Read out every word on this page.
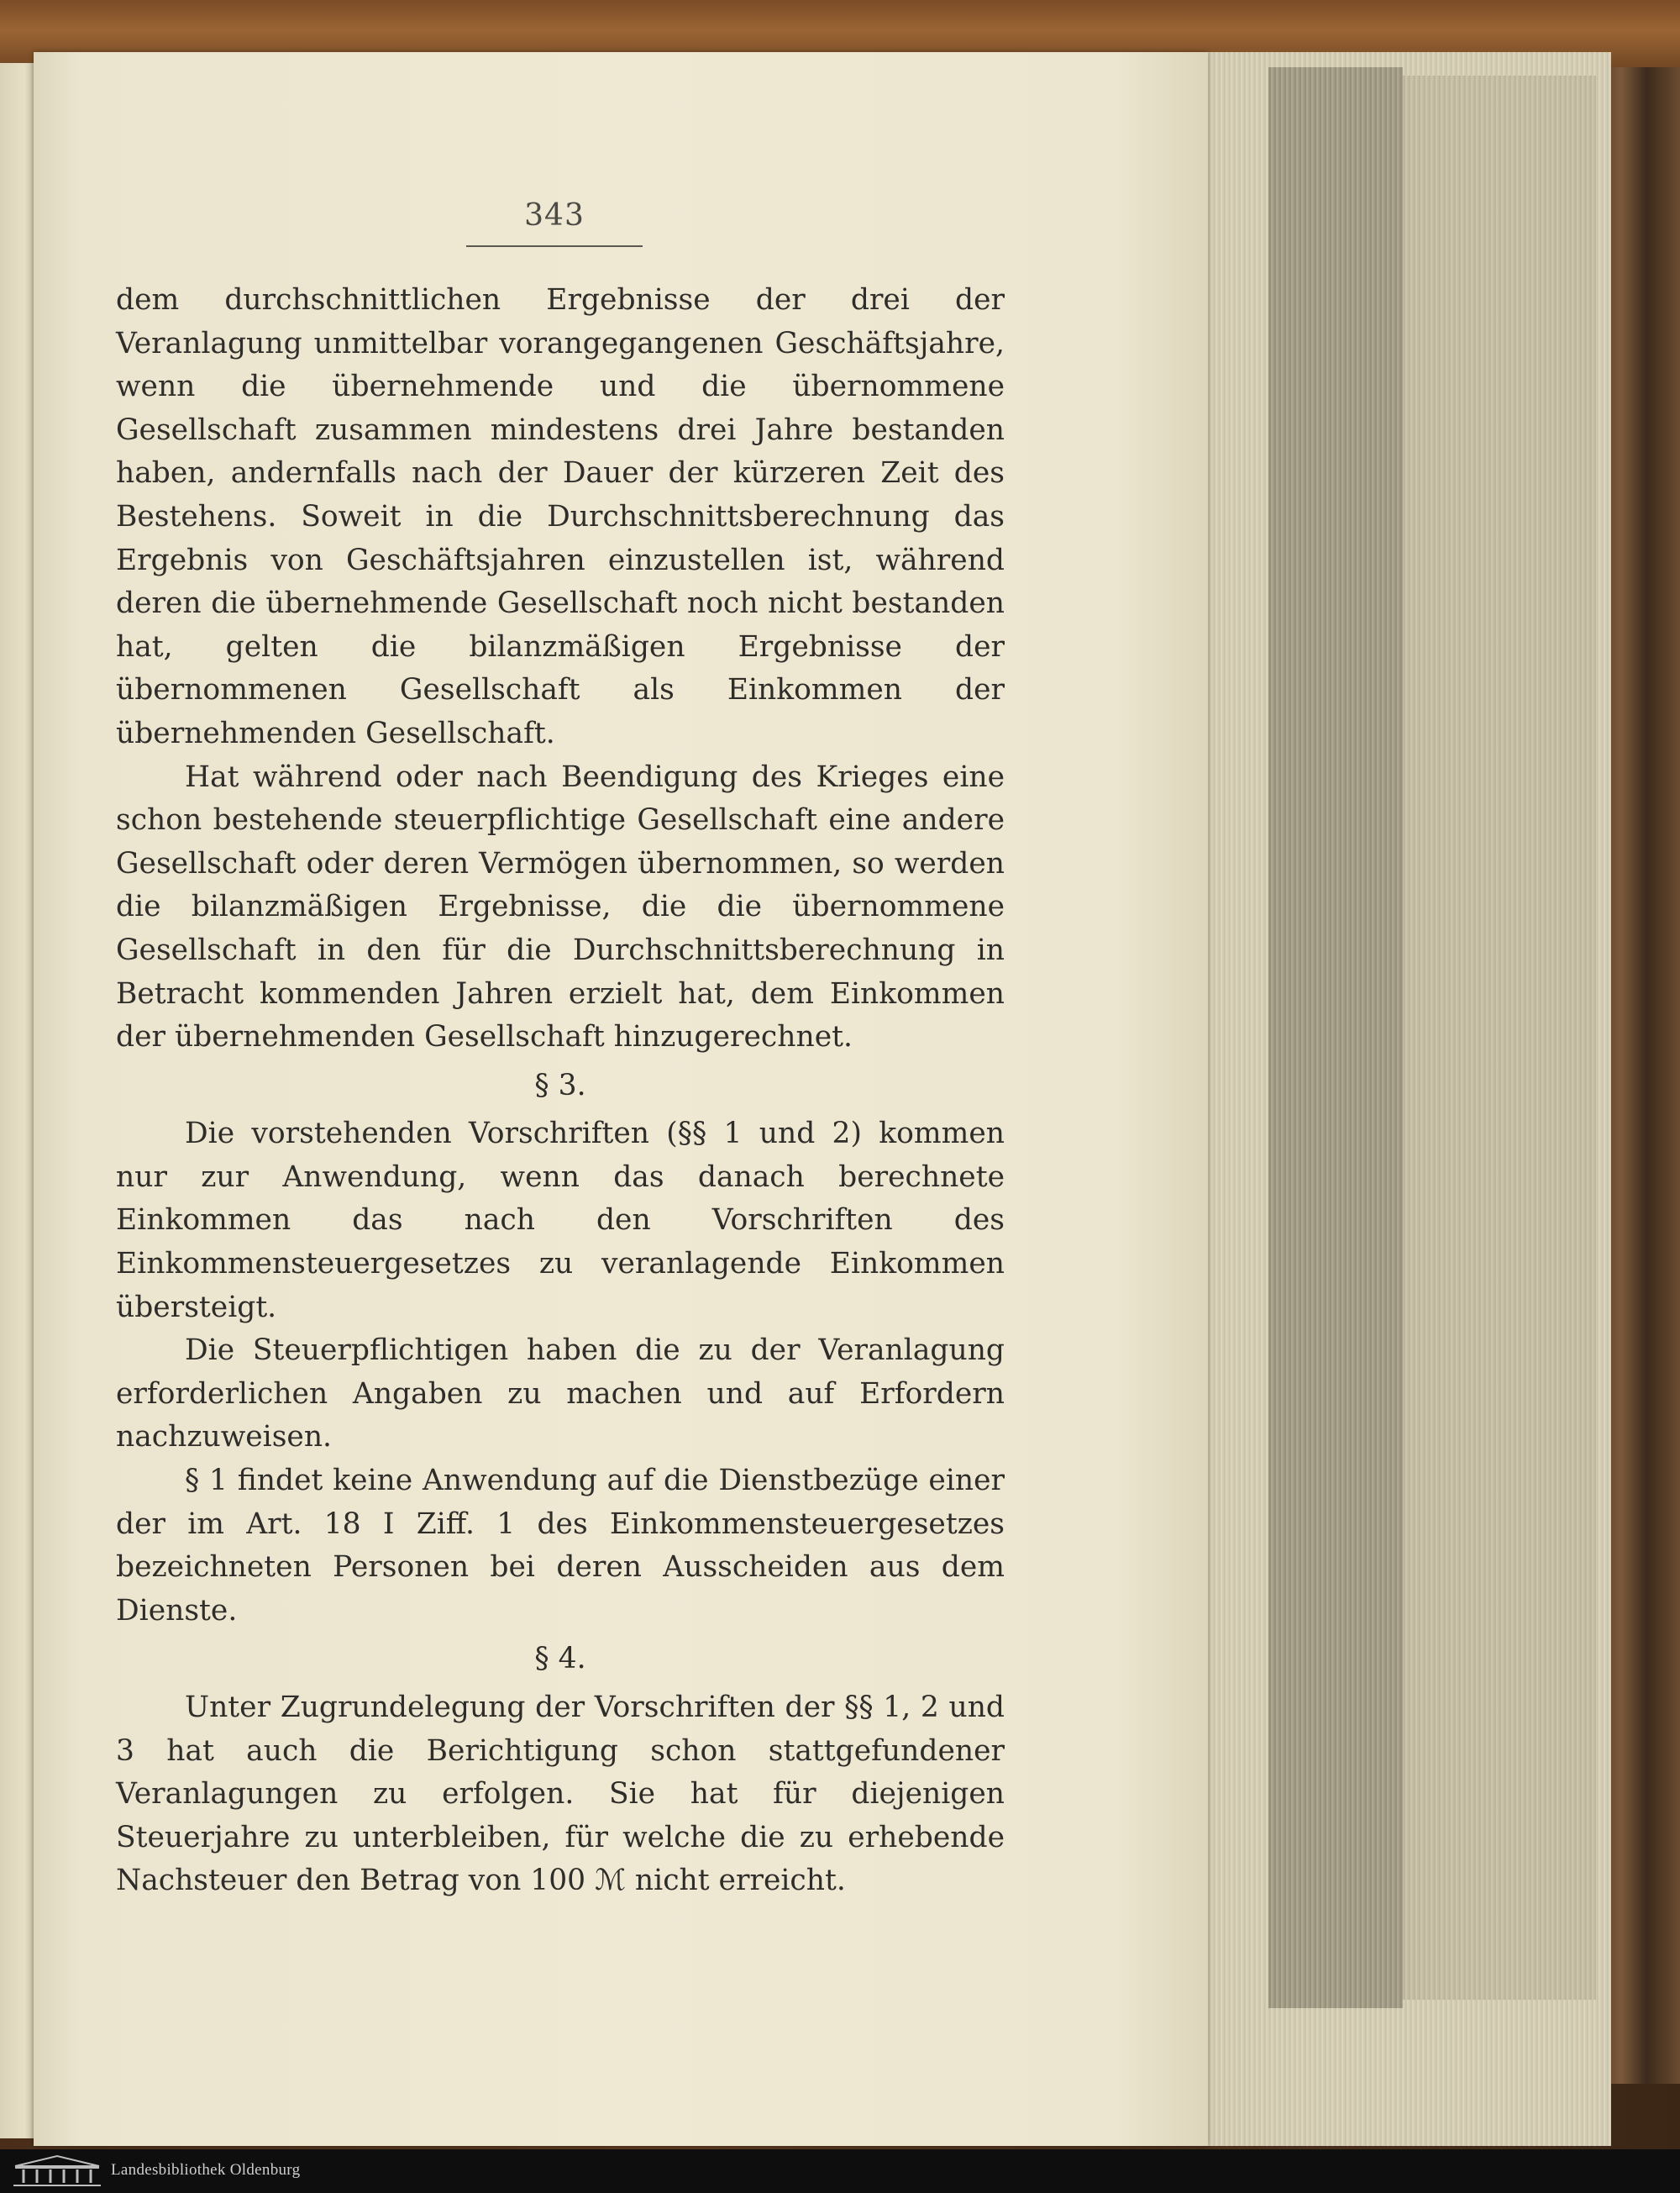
343

dem durchschnittlichen Ergebnisse der drei der Veranlagung unmittelbar vorangegangenen Geschäftsjahre, wenn die übernehmende und die übernommene Gesellschaft zusammen mindestens drei Jahre bestanden haben, andernfalls nach der Dauer der kürzeren Zeit des Bestehens. Soweit in die Durchschnittsberechnung das Ergebnis von Geschäftsjahren einzustellen ist, während deren die übernehmende Gesellschaft noch nicht bestanden hat, gelten die bilanzmäßigen Ergebnisse der übernommenen Gesellschaft als Einkommen der übernehmenden Gesellschaft.

Hat während oder nach Beendigung des Krieges eine schon bestehende steuerpflichtige Gesellschaft eine andere Gesellschaft oder deren Vermögen übernommen, so werden die bilanzmäßigen Ergebnisse, die die übernommene Gesellschaft in den für die Durchschnittsberechnung in Betracht kommenden Jahren erzielt hat, dem Einkommen der übernehmenden Gesellschaft hinzugerechnet.

§ 3.

Die vorstehenden Vorschriften (§§ 1 und 2) kommen nur zur Anwendung, wenn das danach berechnete Einkommen das nach den Vorschriften des Einkommensteuergesetzes zu veranlagende Einkommen übersteigt.

Die Steuerpflichtigen haben die zu der Veranlagung erforderlichen Angaben zu machen und auf Erfordern nachzuweisen.

§ 1 findet keine Anwendung auf die Dienstbezüge einer der im Art. 18 I Ziff. 1 des Einkommensteuergesetzes bezeichneten Personen bei deren Ausscheiden aus dem Dienste.

§ 4.

Unter Zugrundelegung der Vorschriften der §§ 1, 2 und 3 hat auch die Berichtigung schon stattgefundener Veranlagungen zu erfolgen. Sie hat für diejenigen Steuerjahre zu unterbleiben, für welche die zu erhebende Nachsteuer den Betrag von 100 ℳ nicht erreicht.

Landesbibliothek Oldenburg
